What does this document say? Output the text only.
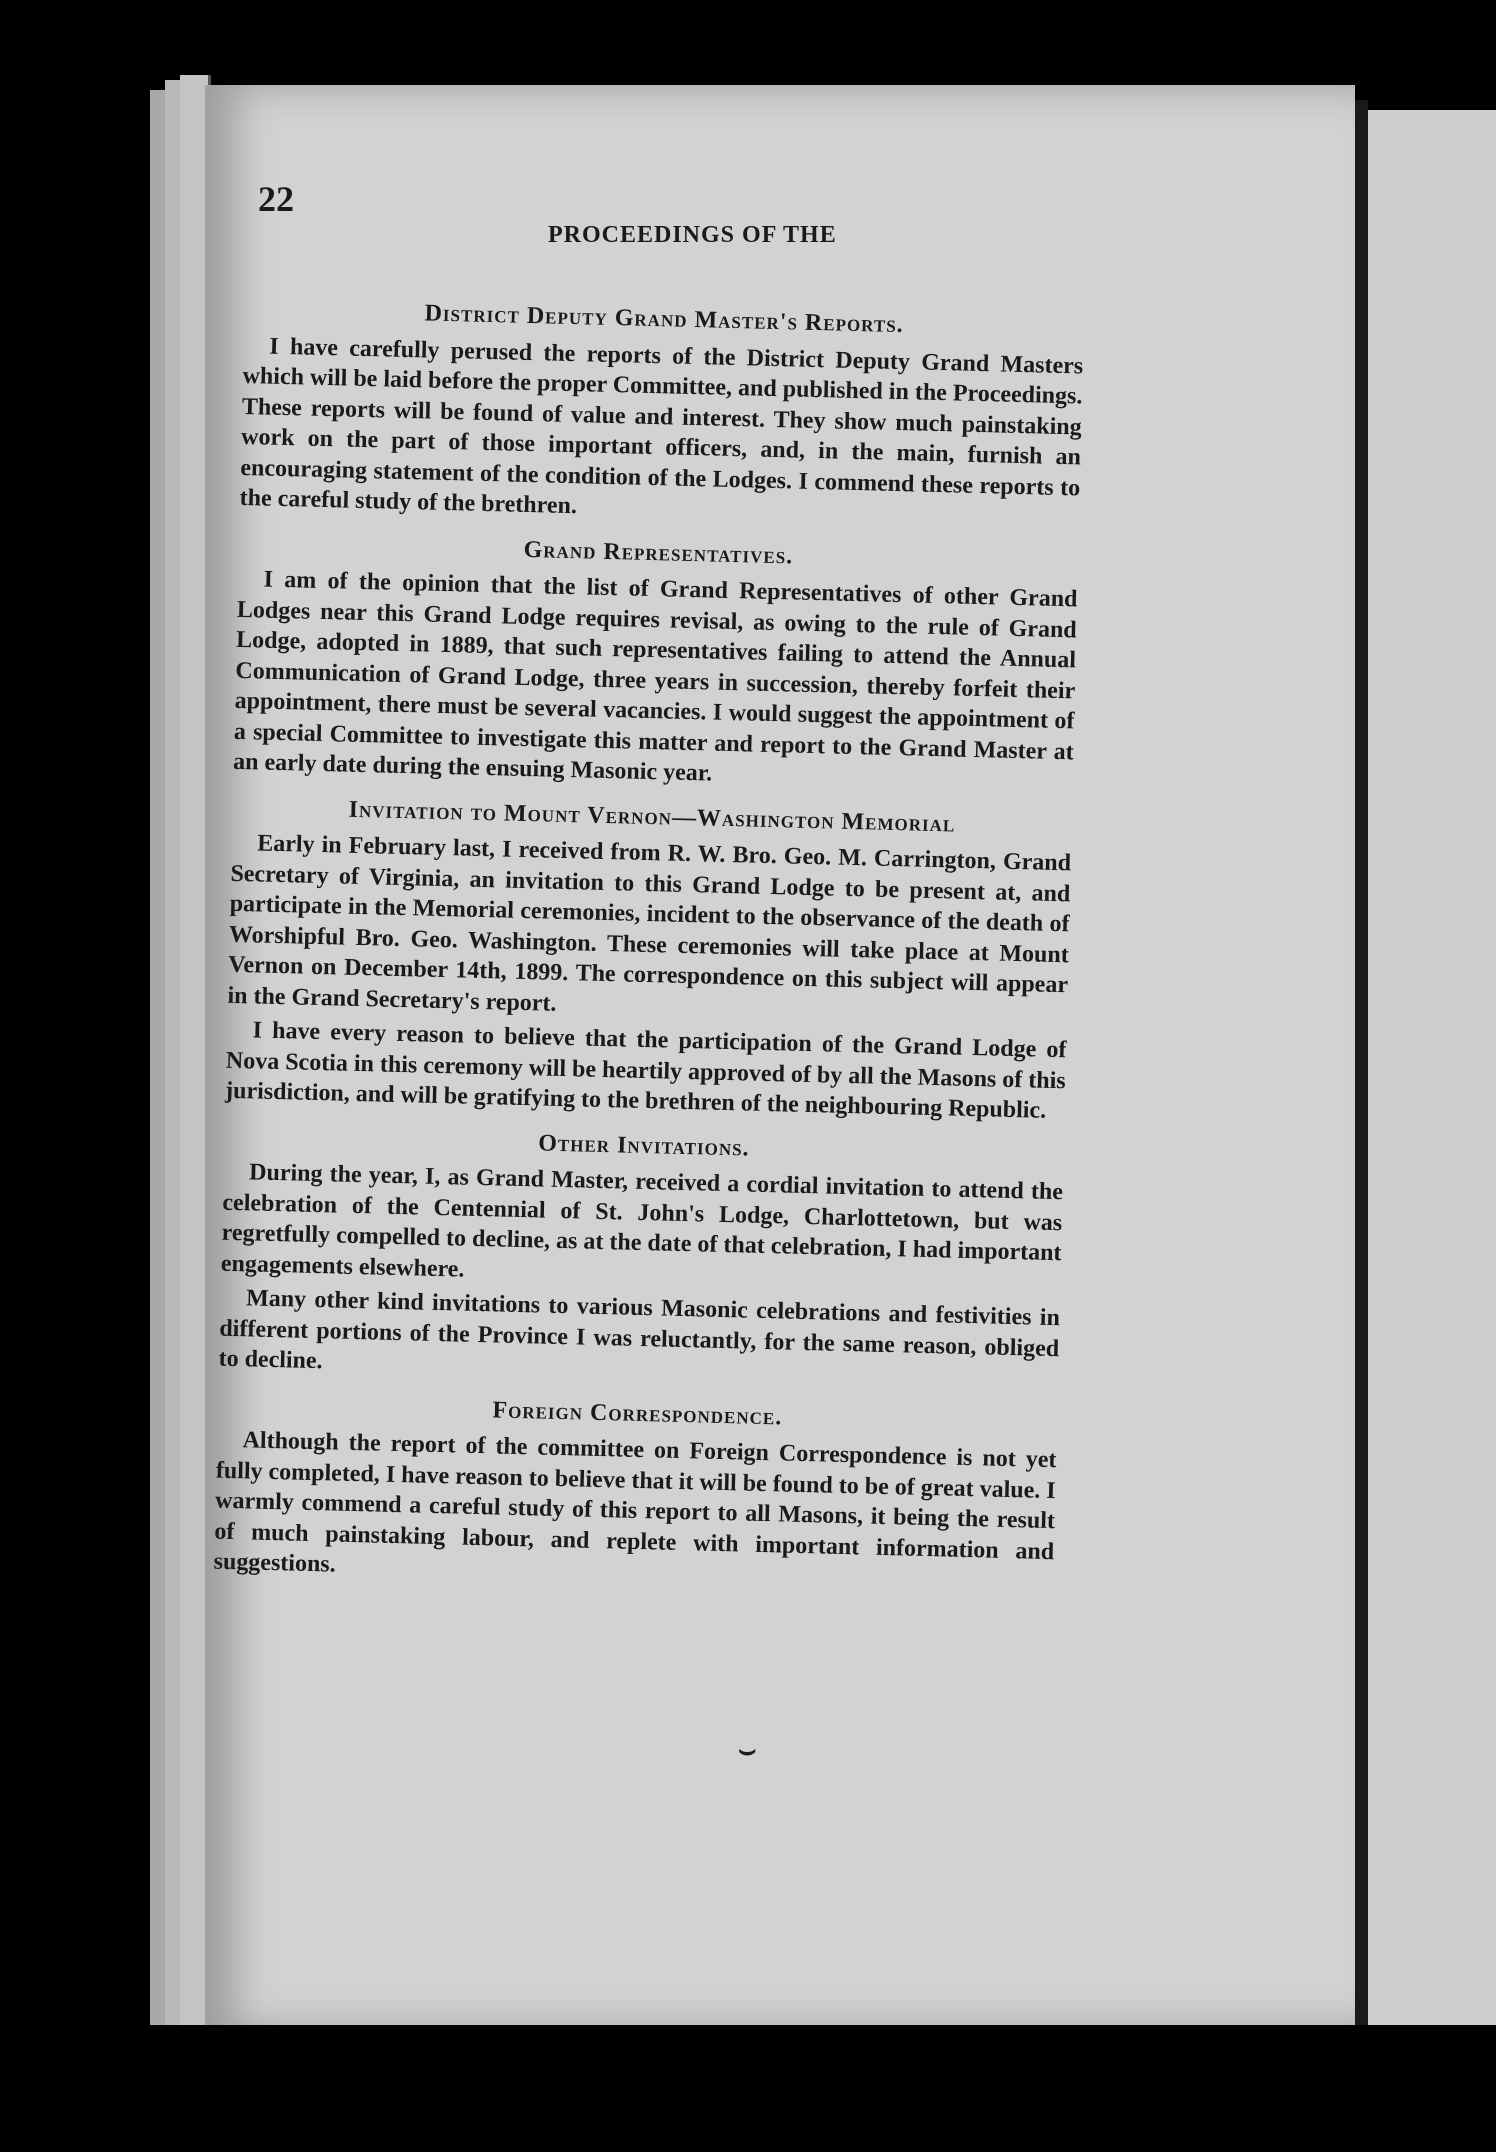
22
PROCEEDINGS OF THE
District Deputy Grand Master's Reports.

I have carefully perused the reports of the District Deputy Grand Masters which will be laid before the proper Committee, and published in the Proceedings. These reports will be found of value and interest. They show much painstaking work on the part of those important officers, and, in the main, furnish an encouraging statement of the condition of the Lodges. I commend these reports to the careful study of the brethren.

Grand Representatives.

I am of the opinion that the list of Grand Representatives of other Grand Lodges near this Grand Lodge requires revisal, as owing to the rule of Grand Lodge, adopted in 1889, that such representatives failing to attend the Annual Communication of Grand Lodge, three years in succession, thereby forfeit their appointment, there must be several vacancies. I would suggest the appointment of a special Committee to investigate this matter and report to the Grand Master at an early date during the ensuing Masonic year.

Invitation to Mount Vernon—Washington Memorial

Early in February last, I received from R. W. Bro. Geo. M. Carrington, Grand Secretary of Virginia, an invitation to this Grand Lodge to be present at, and participate in the Memorial ceremonies, incident to the observance of the death of Worshipful Bro. Geo. Washington. These ceremonies will take place at Mount Vernon on December 14th, 1899. The correspondence on this subject will appear in the Grand Secretary's report.

I have every reason to believe that the participation of the Grand Lodge of Nova Scotia in this ceremony will be heartily approved of by all the Masons of this jurisdiction, and will be gratifying to the brethren of the neighbouring Republic.

Other Invitations.

During the year, I, as Grand Master, received a cordial invitation to attend the celebration of the Centennial of St. John's Lodge, Charlottetown, but was regretfully compelled to decline, as at the date of that celebration, I had important engagements elsewhere.

Many other kind invitations to various Masonic celebrations and festivities in different portions of the Province I was reluctantly, for the same reason, obliged to decline.

Foreign Correspondence.

Although the report of the committee on Foreign Correspondence is not yet fully completed, I have reason to believe that it will be found to be of great value. I warmly commend a careful study of this report to all Masons, it being the result of much painstaking labour, and replete with important information and suggestions.

⌣
